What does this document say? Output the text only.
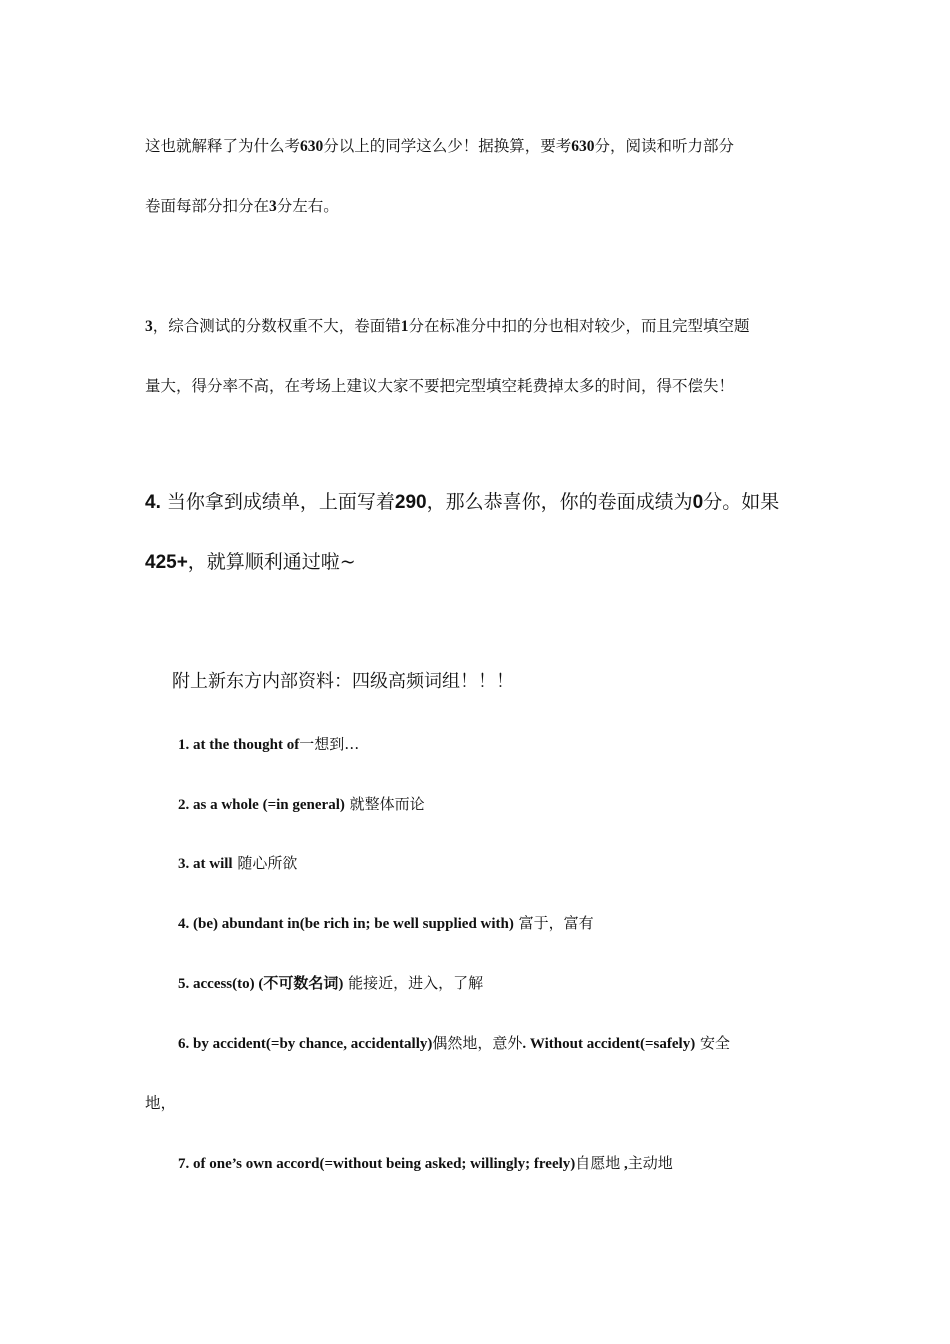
这也就解释了为什么考630分以上的同学这么少！据换算，要考630分，阅读和听力部分
卷面每部分扣分在3分左右。
3，综合测试的分数权重不大，卷面错1分在标准分中扣的分也相对较少，而且完型填空题
量大，得分率不高，在考场上建议大家不要把完型填空耗费掉太多的时间，得不偿失！
4. 当你拿到成绩单，上面写着290，那么恭喜你，你的卷面成绩为0分。如果
425+，就算顺利通过啦~
附上新东方内部资料：四级高频词组！！！
1. at the thought of一想到…
2. as a whole (=in general) 就整体而论
3. at will 随心所欲
4. (be) abundant in(be rich in; be well supplied with) 富于，富有
5. access(to) (不可数名词) 能接近，进入，了解
6. by accident(=by chance, accidentally)偶然地，意外. Without accident(=safely) 安全
地，
7. of one’s own accord(=without being asked; willingly; freely)自愿地 ,主动地
